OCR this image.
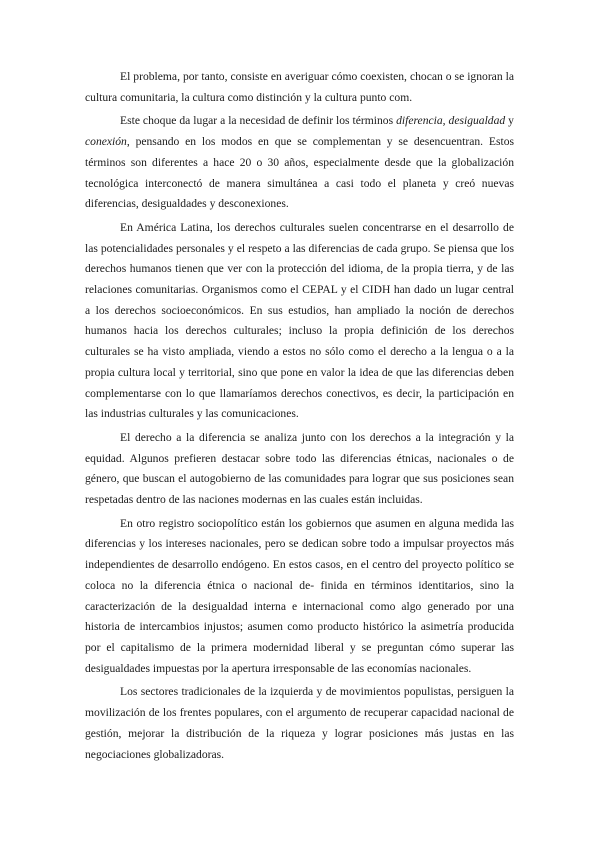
El problema, por tanto, consiste en averiguar cómo coexisten, chocan o se ignoran la cultura comunitaria, la cultura como distinción y la cultura punto com.

Este choque da lugar a la necesidad de definir los términos diferencia, desigualdad y conexión, pensando en los modos en que se complementan y se desencuentran. Estos términos son diferentes a hace 20 o 30 años, especialmente desde que la globalización tecnológica interconectó de manera simultánea a casi todo el planeta y creó nuevas diferencias, desigualdades y desconexiones.

En América Latina, los derechos culturales suelen concentrarse en el desarrollo de las potencialidades personales y el respeto a las diferencias de cada grupo. Se piensa que los derechos humanos tienen que ver con la protección del idioma, de la propia tierra, y de las relaciones comunitarias. Organismos como el CEPAL y el CIDH han dado un lugar central a los derechos socioeconómicos. En sus estudios, han ampliado la noción de derechos humanos hacia los derechos culturales; incluso la propia definición de los derechos culturales se ha visto ampliada, viendo a estos no sólo como el derecho a la lengua o a la propia cultura local y territorial, sino que pone en valor la idea de que las diferencias deben complementarse con lo que llamaríamos derechos conectivos, es decir, la participación en las industrias culturales y las comunicaciones.

El derecho a la diferencia se analiza junto con los derechos a la integración y la equidad. Algunos prefieren destacar sobre todo las diferencias étnicas, nacionales o de género, que buscan el autogobierno de las comunidades para lograr que sus posiciones sean respetadas dentro de las naciones modernas en las cuales están incluidas.

En otro registro sociopolítico están los gobiernos que asumen en alguna medida las diferencias y los intereses nacionales, pero se dedican sobre todo a impulsar proyectos más independientes de desarrollo endógeno. En estos casos, en el centro del proyecto político se coloca no la diferencia étnica o nacional de- finida en términos identitarios, sino la caracterización de la desigualdad interna e internacional como algo generado por una historia de intercambios injustos; asumen como producto histórico la asimetría producida por el capitalismo de la primera modernidad liberal y se preguntan cómo superar las desigualdades impuestas por la apertura irresponsable de las economías nacionales.

Los sectores tradicionales de la izquierda y de movimientos populistas, persiguen la movilización de los frentes populares, con el argumento de recuperar capacidad nacional de gestión, mejorar la distribución de la riqueza y lograr posiciones más justas en las negociaciones globalizadoras.
